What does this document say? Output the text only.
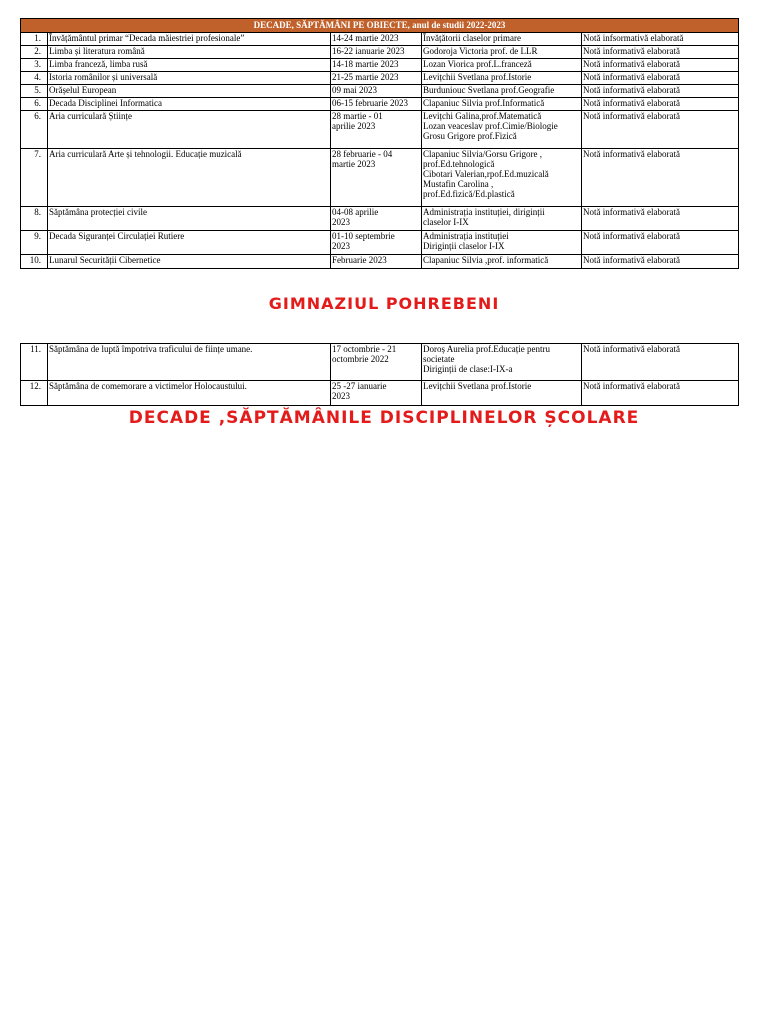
DECADE, SĂPTĂMÂNI PE OBIECTE, anul de studii 2022-2023				
1.	Învățământul primar “Decada măiestriei profesionale”	14-24 martie 2023	Învățătorii claselor primare	Notă infsormativă elaborată
2.	Limba și literatura română	16-22 ianuarie 2023	Godoroja Victoria prof. de LLR	Notă informativă elaborată
3.	Limba franceză, limba rusă	14-18 martie 2023	Lozan Viorica prof.L.franceză	Notă informativă elaborată
4.	Istoria românilor și universală	21-25 martie 2023	Levițchii Svetlana prof.Istorie	Notă informativă elaborată
5.	Orășelul European	09 mai 2023	Burduniouc Svetlana prof.Geografie	Notă informativă elaborată
6.	Decada Disciplinei Informatica	06-15 februarie 2023	Clapaniuc Silvia prof.Informatică	Notă informativă elaborată
6.	Aria curriculară Științe	28 martie - 01
aprilie 2023	Levițchi Galina,prof.Matematică
Lozan veaceslav prof.Cimie/Biologie
Grosu Grigore prof.Fizică	Notă informativă elaborată
7.	Aria curriculară Arte și tehnologii. Educație muzicală	28 februarie - 04
martie 2023	Clapaniuc Silvia/Gorsu Grigore ,
prof.Ed.tehnologică
Cibotari Valerian,rpof.Ed.muzicală
Mustafin Carolina ,
prof.Ed.fizică/Ed.plastică	Notă informativă elaborată
8.	Săptămâna protecției civile	04-08 aprilie
2023	Administrația instituției, diriginții
claselor I-IX	Notă informativă elaborată
9.	Decada Siguranței Circulației Rutiere	01-10 septembrie
2023	Administrația instituției
Diriginții claselor I-IX	Notă informativă elaborată
10.	Lunarul Securității Cibernetice	Februarie 2023	Clapaniuc Silvia ,prof. informatică	Notă informativă elaborată
GIMNAZIUL POHREBENI
11.	Săptămâna de luptă împotriva traficului de ființe umane.	17 octombrie - 21
octombrie 2022	Doroș Aurelia prof.Educație pentru
societate
Diriginții de clase:I-IX-a	Notă informativă elaborată
12.	Săptămâna de comemorare a victimelor Holocaustului.	25 -27 ianuarie
2023	Levițchii Svetlana prof.Istorie	Notă informativă elaborată
DECADE ,SĂPTĂMÂNILE DISCIPLINELOR ȘCOLARE
